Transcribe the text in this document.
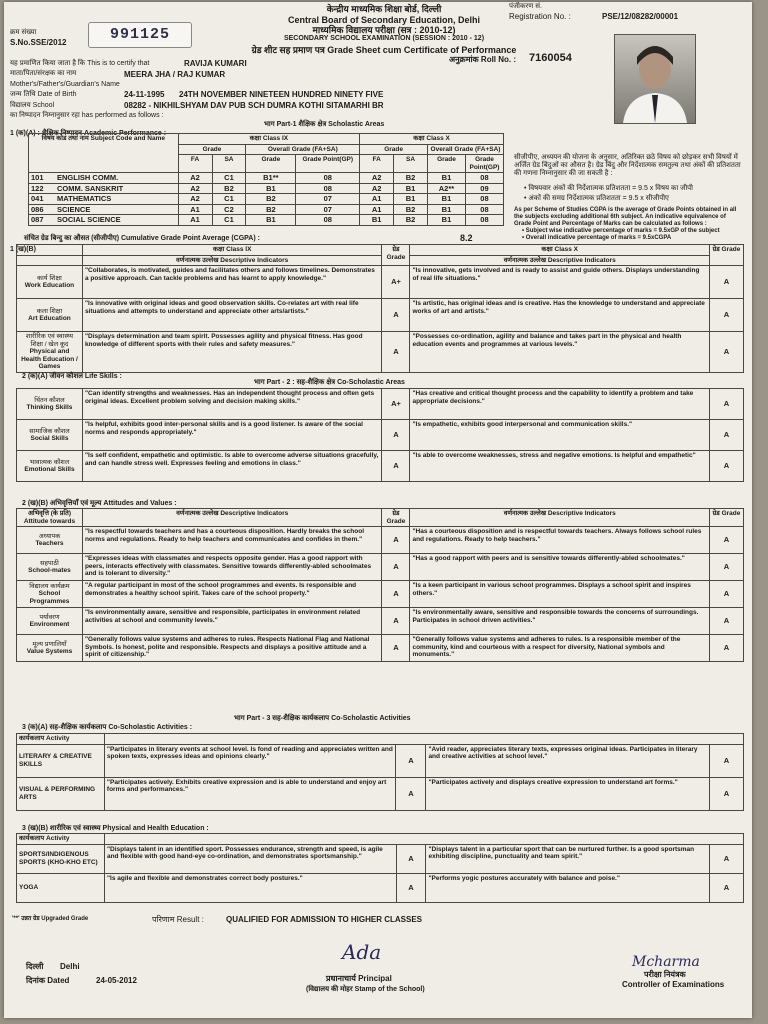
केन्द्रीय माध्यमिक शिक्षा बोर्ड, दिल्ली
Central Board of Secondary Education, Delhi
माध्यमिक विद्यालय परीक्षा (सत्र : 2010-12)
SECONDARY SCHOOL EXAMINATION (SESSION : 2010 - 12)
ग्रेड शीट सह प्रमाण पत्र Grade Sheet cum Certificate of Performance
पंजीकरण सं.
Registration No. :	PSE/12/08282/00001
क्रम संख्या
S.No.SSE/2012	991125
अनुक्रमांक Roll No. : 7160054
यह प्रमाणित किया जाता है कि This is to certify that	RAVIJA KUMARI
माता/पिता/संरक्षक का नाम	MEERA JHA / RAJ KUMAR
Mother's/Father's/Guardian's Name
जन्म तिथि Date of Birth	24-11-1995 24TH NOVEMBER NINETEEN HUNDRED NINETY FIVE
विद्यालय School	08282 - NIKHILSHYAM DAV PUB SCH DUMRA KOTHI SITAMARHI BR
का निष्पादन निम्नानुसार रहा has performed as follows :
भाग Part-1 शैक्षिक क्षेत्र Scholastic Areas
1 (क)(A) : शैक्षिक निष्पादन Academic Performance :
विषय कोड तथा नाम Subject Code and Name	कक्षा Class IX				कक्षा Class X			
	Grade		Overall Grade (FA+SA)		Grade		Overall Grade (FA+SA)	
	FA	SA	Grade	Grade Point(GP)	FA	SA	Grade	Grade Point(GP)
101 ENGLISH COMM.	A2	C1	B1**	08	A2	B2	B1	08
122 COMM. SANSKRIT	A2	B2	B1	08	A2	B1	A2**	09
041 MATHEMATICS	A2	C1	B2	07	A1	B1	B1	08
086 SCIENCE	A1	C2	B2	07	A1	B2	B1	08
087 SOCIAL SCIENCE	A1	C1	B1	08	B1	B2	B1	08
सीजीपीए, अध्ययन की योजना के अनुसार, अतिरिक्त छठे विषय को छोड़कर सभी विषयों में अर्जित ग्रेड बिंदुओं का औसत है। ग्रेड बिंदु और निर्देशात्मक समतुल्य तथा अंकों की प्रतिशतता की गणना निम्नानुसार की जा सकती है :
• विषयवार अंकों की निर्देशात्मक प्रतिशतता = 9.5 x विषय का जीपी
• अंकों की समग्र निर्देशात्मक प्रतिशतता = 9.5 x सीजीपीए
As per Scheme of Studies CGPA is the average of Grade Points obtained in all the subjects excluding additional 6th subject. An indicative equivalence of Grade Point and Percentage of Marks can be calculated as follows :
• Subject wise indicative percentage of marks = 9.5xGP of the subject
• Overall indicative percentage of marks = 9.5xCGPA
संचित ग्रेड बिन्दु का औसत (सीजीपीए) Cumulative Grade Point Average (CGPA) :	8.2
1 (ख)(B)
		कक्षा Class IX	ग्रेड Grade	कक्षा Class X	ग्रेड Grade
	वर्णनात्मक उल्लेख Descriptive Indicators		वर्णनात्मक उल्लेख Descriptive Indicators	

कार्य शिक्षा
Work Education	"Collaborates, is motivated, guides and facilitates others and follows timelines. Demonstrates a positive approach. Can tackle problems and has learnt to apply knowledge."	A+	"Is innovative, gets involved and is ready to assist and guide others. Displays understanding of real life situations."	A

कला शिक्षा
Art Education	"Is innovative with original ideas and good observation skills. Co-relates art with real life situations and attempts to understand and appreciate other arts/artists."	A	"Is artistic, has original ideas and is creative. Has the knowledge to understand and appreciate works of art and artists."	A

शारीरिक एवं स्वास्थ्य शिक्षा / खेल कूद
Physical and Health Education / Games	"Displays determination and team spirit. Possesses agility and physical fitness. Has good knowledge of different sports with their rules and safety measures."	A	"Possesses co-ordination, agility and balance and takes part in the physical and health education events and programmes at various levels."	A
भाग Part - 2 : सह-शैक्षिक क्षेत्र Co-Scholastic Areas
2 (क)(A) जीवन कौशल Life Skills :
चिंतन कौशल
Thinking Skills	"Can identify strengths and weaknesses. Has an independent thought process and often gets original ideas. Excellent problem solving and decision making skills."	A+	"Has creative and critical thought process and the capability to identify a problem and take appropriate decisions."	A

सामाजिक कौशल
Social Skills	"Is helpful, exhibits good inter-personal skills and is a good listener. Is aware of the social norms and responds appropriately."	A	"Is empathetic, exhibits good interpersonal and communication skills."	A

भावात्मक कौशल
Emotional Skills	"Is self confident, empathetic and optimistic. Is able to overcome adverse situations gracefully, and can handle stress well. Expresses feeling and emotions in class."	A	"Is able to overcome weaknesses, stress and negative emotions. Is helpful and empathetic"	A
2 (ख)(B) अभिवृत्तियाँ एवं मूल्य Attitudes and Values :
अभिवृत्ति (के प्रति) Attitude towards	वर्णनात्मक उल्लेख Descriptive Indicators	ग्रेड Grade	वर्णनात्मक उल्लेख Descriptive Indicators	ग्रेड Grade

अध्यापक
Teachers	"Is respectful towards teachers and has a courteous disposition. Hardly breaks the school norms and regulations. Ready to help teachers and communicates and confides in them."	A	"Has a courteous disposition and is respectful towards teachers. Always follows school rules and regulations. Ready to help teachers."	A

सहपाठी
School-mates	"Expresses ideas with classmates and respects opposite gender. Has a good rapport with peers, interacts effectively with classmates. Sensitive towards differently-abled schoolmates and is tolerant to diversity."	A	"Has a good rapport with peers and is sensitive towards differently-abled schoolmates."	A

विद्यालय कार्यक्रम
School Programmes	"A regular participant in most of the school programmes and events. Is responsible and demonstrates a healthy school spirit. Takes care of the school property."	A	"Is a keen participant in various school programmes. Displays a school spirit and inspires others."	A

पर्यावरण
Environment	"Is environmentally aware, sensitive and responsible, participates in environment related activities at school and community levels."	A	"Is environmentally aware, sensitive and responsible towards the concerns of surroundings. Participates in school driven activities."	A

मूल्य प्रणालियाँ
Value Systems	"Generally follows value systems and adheres to rules. Respects National Flag and National Symbols. Is honest, polite and responsible. Respects and displays a positive attitude and a spirit of citizenship."	A	"Generally follows value systems and adheres to rules. Is a responsible member of the community, kind and courteous with a respect for diversity, National symbols and monuments."	A
भाग Part - 3 सह-शैक्षिक कार्यकलाप Co-Scholastic Activities
3 (क)(A) सह-शैक्षिक कार्यकलाप Co-Scholastic Activities :
कार्यकलाप Activity				

LITERARY & CREATIVE SKILLS	"Participates in literary events at school level. Is fond of reading and appreciates written and spoken texts, expresses ideas and opinions clearly."	A	"Avid reader, appreciates literary texts, expresses original ideas. Participates in literary and creative activities at school level."	A

VISUAL & PERFORMING ARTS	"Participates actively. Exhibits creative expression and is able to understand and enjoy art forms and performances."	A	"Participates actively and displays creative expression to understand art forms."	A
3 (ख)(B) शारीरिक एवं स्वास्थ्य Physical and Health Education :
कार्यकलाप Activity				

SPORTS/INDIGENOUS SPORTS (KHO-KHO ETC)	"Displays talent in an identified sport. Possesses endurance, strength and speed, is agile and flexible with good hand-eye co-ordination, and demonstrates sportsmanship."	A	"Displays talent in a particular sport that can be nurtured further. Is a good sportsman exhibiting discipline, punctuality and team spirit."	A

YOGA	"Is agile and flexible and demonstrates correct body postures."	A	"Performs yogic postures accurately with balance and poise."	A
'**' उन्नत ग्रेड Upgraded Grade	परिणाम Result :	QUALIFIED FOR ADMISSION TO HIGHER CLASSES
Ada	Mcharma
दिल्ली Delhi
दिनांक Dated	24-05-2012	प्रधानाचार्य Principal
(विद्यालय की मोहर Stamp of the School)
परीक्षा नियंत्रक
Controller of Examinations
